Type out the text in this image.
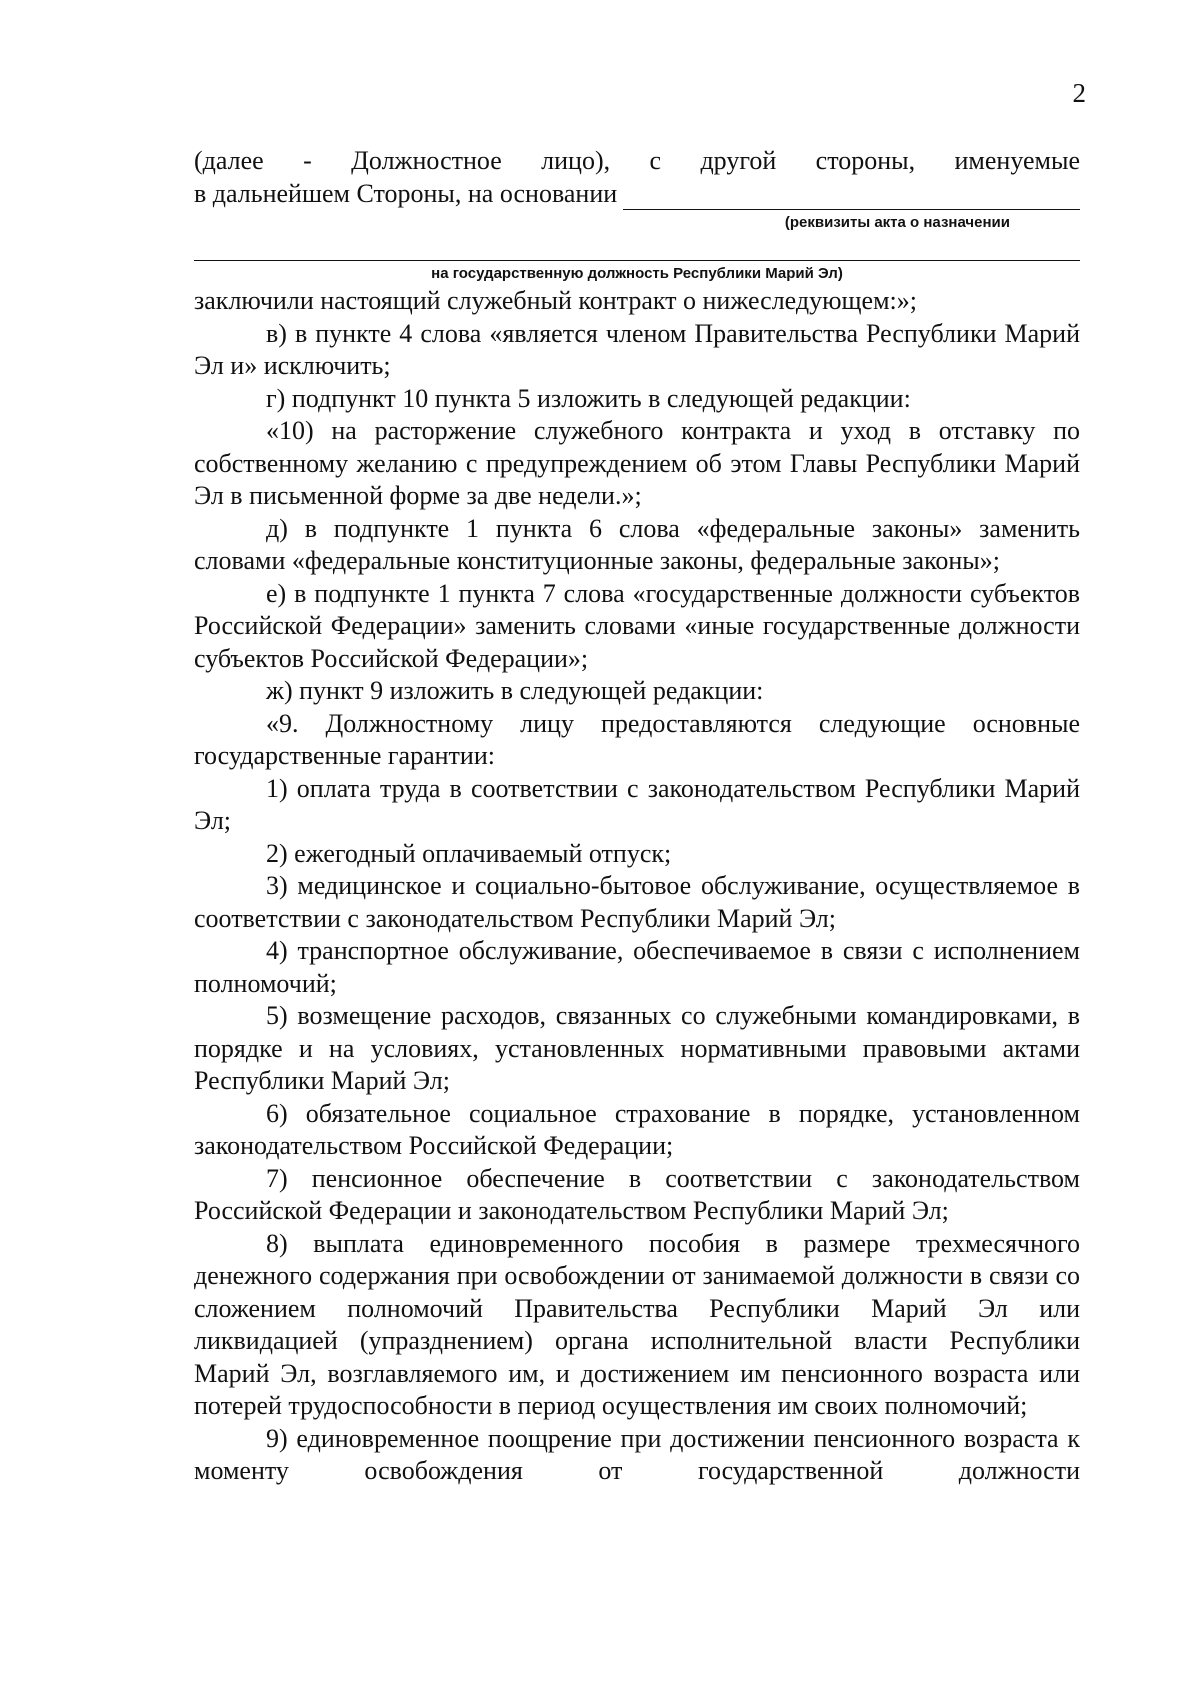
2
(далее - Должностное лицо), с другой стороны, именуемые
в дальнейшем Стороны, на основании
(реквизиты акта о назначении
на государственную должность Республики Марий Эл)

заключили настоящий служебный контракт о нижеследующем:»;

в) в пункте 4 слова «является членом Правительства Республики Марий Эл и» исключить;

г) подпункт 10 пункта 5 изложить в следующей редакции:

«10) на расторжение служебного контракта и уход в отставку по собственному желанию с предупреждением об этом Главы Республики Марий Эл в письменной форме за две недели.»;

д) в подпункте 1 пункта 6 слова «федеральные законы» заменить словами «федеральные конституционные законы, федеральные законы»;

е) в подпункте 1 пункта 7 слова «государственные должности субъектов Российской Федерации» заменить словами «иные государственные должности субъектов Российской Федерации»;

ж) пункт 9 изложить в следующей редакции:

«9. Должностному лицу предоставляются следующие основные государственные гарантии:

1) оплата труда в соответствии с законодательством Республики Марий Эл;

2) ежегодный оплачиваемый отпуск;

3) медицинское и социально-бытовое обслуживание, осуществляемое в соответствии с законодательством Республики Марий Эл;

4) транспортное обслуживание, обеспечиваемое в связи с исполнением полномочий;

5) возмещение расходов, связанных со служебными командировками, в порядке и на условиях, установленных нормативными правовыми актами Республики Марий Эл;

6) обязательное социальное страхование в порядке, установленном законодательством Российской Федерации;

7) пенсионное обеспечение в соответствии с законодательством Российской Федерации и законодательством Республики Марий Эл;

8) выплата единовременного пособия в размере трехмесячного денежного содержания при освобождении от занимаемой должности в связи со сложением полномочий Правительства Республики Марий Эл или ликвидацией (упразднением) органа исполнительной власти Республики Марий Эл, возглавляемого им, и достижением им пенсионного возраста или потерей трудоспособности в период осуществления им своих полномочий;

9) единовременное поощрение при достижении пенсионного возраста к моменту освобождения от государственной должности
